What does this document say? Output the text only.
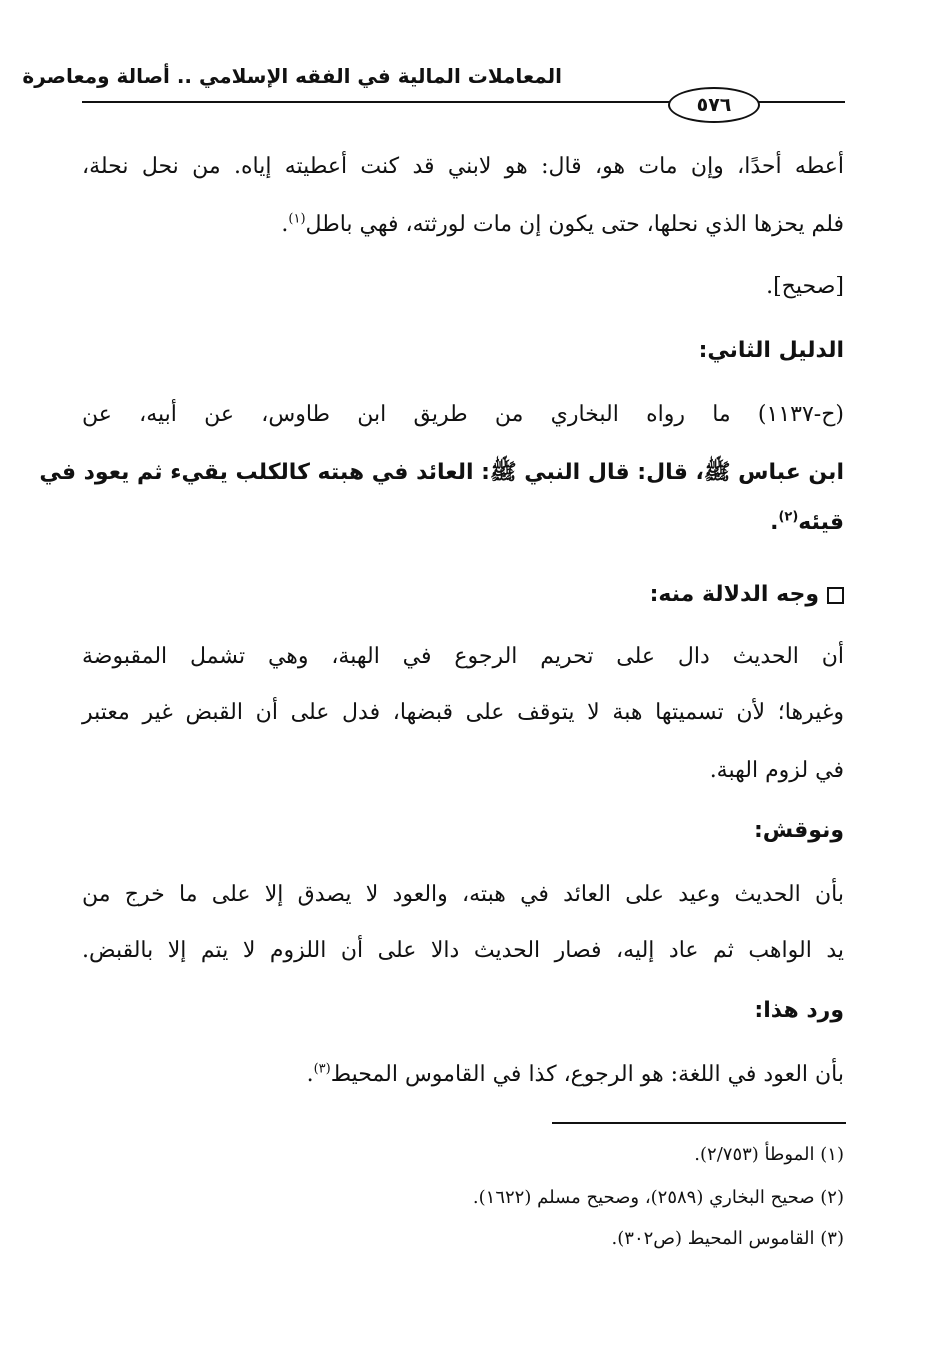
المعاملات المالية في الفقه الإسلامي .. أصالة ومعاصرة
٥٧٦
أعطه أحدًا، وإن مات هو، قال: هو لابني قد كنت أعطيته إياه. من نحل نحلة،
فلم يحزها الذي نحلها، حتى يكون إن مات لورثته، فهي باطل$^{(١)}$.
[صحيح].
الدليل الثاني:
(ح-١١٣٧) ما رواه البخاري من طريق ابن طاوس، عن أبيه، عن
ابن عباس ﷺ، قال: قال النبي ﷺ: العائد في هبته كالكلب يقيء ثم يعود في
قيئه$^{(٢)}$.
وجه الدلالة منه:
أن الحديث دال على تحريم الرجوع في الهبة، وهي تشمل المقبوضة
وغيرها؛ لأن تسميتها هبة لا يتوقف على قبضها، فدل على أن القبض غير معتبر
في لزوم الهبة.
ونوقش:
بأن الحديث وعيد على العائد في هبته، والعود لا يصدق إلا على ما خرج من
يد الواهب ثم عاد إليه، فصار الحديث دالا على أن اللزوم لا يتم إلا بالقبض.
ورد هذا:
بأن العود في اللغة: هو الرجوع، كذا في القاموس المحيط$^{(٣)}$.
(١) الموطأ (٢/٧٥٣).
(٢) صحيح البخاري (٢٥٨٩)، وصحيح مسلم (١٦٢٢).
(٣) القاموس المحيط (ص٣٠٢).
